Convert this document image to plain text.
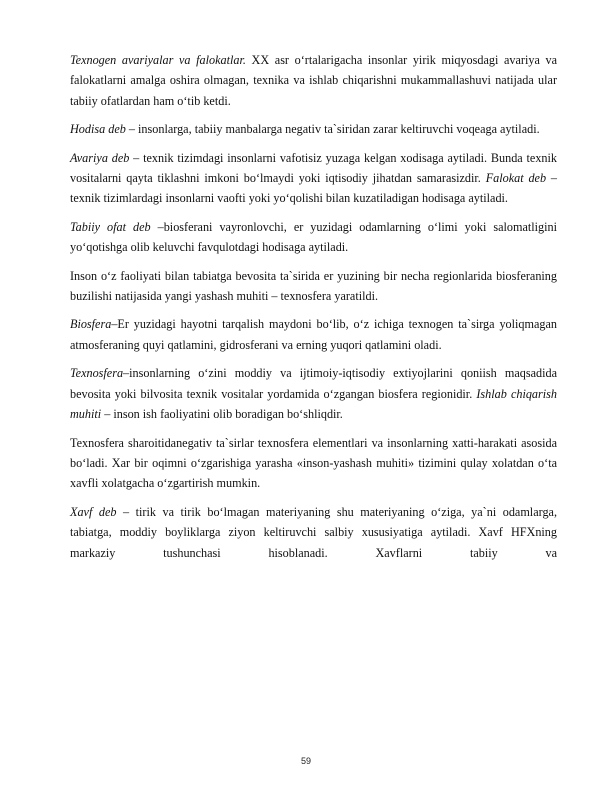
Texnogen avariyalar va falokatlar. XX asr o‘rtalarigacha insonlar yirik miqyosdagi avariya va falokatlarni amalga oshira olmagan, texnika va ishlab chiqarishni mukammallashuvi natijada ular tabiiy ofatlardan ham o‘tib ketdi.

Hodisa deb – insonlarga, tabiiy manbalarga negativ ta`siridan zarar keltiruvchi voqeaga aytiladi.

Avariya deb – texnik tizimdagi insonlarni vafotisiz yuzaga kelgan xodisaga aytiladi. Bunda texnik vositalarni qayta tiklashni imkoni bo‘lmaydi yoki iqtisodiy jihatdan samarasizdir. Falokat deb – texnik tizimlardagi insonlarni vaofti yoki yo‘qolishi bilan kuzatiladigan hodisaga aytiladi.

Tabiiy ofat deb –biosferani vayronlovchi, er yuzidagi odamlarning o‘limi yoki salomatligini yo‘qotishga olib keluvchi favqulotdagi hodisaga aytiladi.

Inson o‘z faoliyati bilan tabiatga bevosita ta`sirida er yuzining bir necha regionlarida biosferaning buzilishi natijasida yangi yashash muhiti – texnosfera yaratildi.

Biosfera–Er yuzidagi hayotni tarqalish maydoni bo‘lib, o‘z ichiga texnogen ta`sirga yoliqmagan atmosferaning quyi qatlamini, gidrosferani va erning yuqori qatlamini oladi.

Texnosfera–insonlarning o‘zini moddiy va ijtimoiy-iqtisodiy extiyojlarini qoniish maqsadida bevosita yoki bilvosita texnik vositalar yordamida o‘zgangan biosfera regionidir. Ishlab chiqarish muhiti – inson ish faoliyatini olib boradigan bo‘shliqdir.

Texnosfera sharoitidanegativ ta`sirlar texnosfera elementlari va insonlarning xatti-harakati asosida bo‘ladi. Xar bir oqimni o‘zgarishiga yarasha «inson-yashash muhiti» tizimini qulay xolatdan o‘ta xavfli xolatgacha o‘zgartirish mumkin.

Xavf deb – tirik va tirik bo‘lmagan materiyaning shu materiyaning o‘ziga, ya`ni odamlarga, tabiatga, moddiy boyliklarga ziyon keltiruvchi salbiy xususiyatiga aytiladi. Xavf HFXning markaziy tushunchasi hisoblanadi. Xavflarni tabiiy va

59
